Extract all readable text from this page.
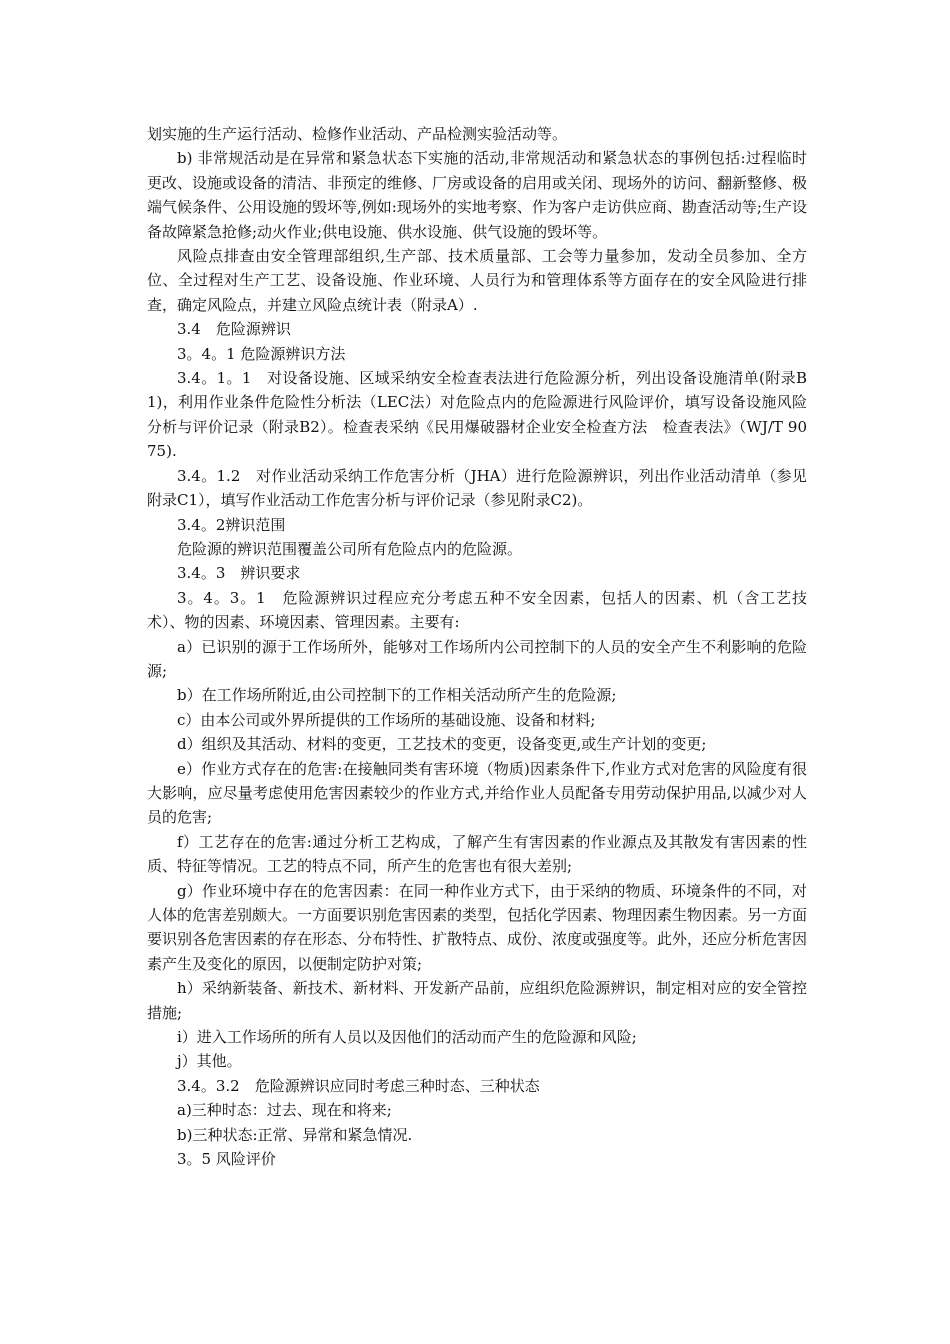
划实施的生产运行活动、检修作业活动、产品检测实验活动等。

b) 非常规活动是在异常和紧急状态下实施的活动,非常规活动和紧急状态的事例包括:过程临时更改、设施或设备的清洁、非预定的维修、厂房或设备的启用或关闭、现场外的访问、翻新整修、极端气候条件、公用设施的毁坏等,例如:现场外的实地考察、作为客户走访供应商、勘查活动等;生产设备故障紧急抢修;动火作业;供电设施、供水设施、供气设施的毁坏等。

风险点排查由安全管理部组织,生产部、技术质量部、工会等力量参加，发动全员参加、全方位、全过程对生产工艺、设备设施、作业环境、人员行为和管理体系等方面存在的安全风险进行排查，确定风险点，并建立风险点统计表（附录A）.

3.4　危险源辨识

3。4。1 危险源辨识方法

3.4。1。1　对设备设施、区域采纳安全检查表法进行危险源分析，列出设备设施清单(附录B1)，利用作业条件危险性分析法（LEC法）对危险点内的危险源进行风险评价，填写设备设施风险分析与评价记录（附录B2）。检查表采纳《民用爆破器材企业安全检查方法　检查表法》（WJ/T 9075).

3.4。1.2　对作业活动采纳工作危害分析（JHA）进行危险源辨识，列出作业活动清单（参见附录C1），填写作业活动工作危害分析与评价记录（参见附录C2)。

3.4。2辨识范围

危险源的辨识范围覆盖公司所有危险点内的危险源。

3.4。3　辨识要求

3。4。3。1　危险源辨识过程应充分考虑五种不安全因素，包括人的因素、机（含工艺技术）、物的因素、环境因素、管理因素。主要有:

a）已识别的源于工作场所外，能够对工作场所内公司控制下的人员的安全产生不利影响的危险源;

b）在工作场所附近,由公司控制下的工作相关活动所产生的危险源;

c）由本公司或外界所提供的工作场所的基础设施、设备和材料;

d）组织及其活动、材料的变更，工艺技术的变更，设备变更,或生产计划的变更;

e）作业方式存在的危害:在接触同类有害环境（物质)因素条件下,作业方式对危害的风险度有很大影响，应尽量考虑使用危害因素较少的作业方式,并给作业人员配备专用劳动保护用品,以减少对人员的危害;

f）工艺存在的危害:通过分析工艺构成，了解产生有害因素的作业源点及其散发有害因素的性质、特征等情况。工艺的特点不同，所产生的危害也有很大差别;

g）作业环境中存在的危害因素：在同一种作业方式下，由于采纳的物质、环境条件的不同，对人体的危害差别颇大。一方面要识别危害因素的类型，包括化学因素、物理因素生物因素。另一方面要识别各危害因素的存在形态、分布特性、扩散特点、成份、浓度或强度等。此外，还应分析危害因素产生及变化的原因，以便制定防护对策;

h）采纳新装备、新技术、新材料、开发新产品前，应组织危险源辨识，制定相对应的安全管控措施;

i）进入工作场所的所有人员以及因他们的活动而产生的危险源和风险;

j）其他。

3.4。3.2　危险源辨识应同时考虑三种时态、三种状态

a)三种时态：过去、现在和将来;

b)三种状态:正常、异常和紧急情况.

3。5 风险评价
